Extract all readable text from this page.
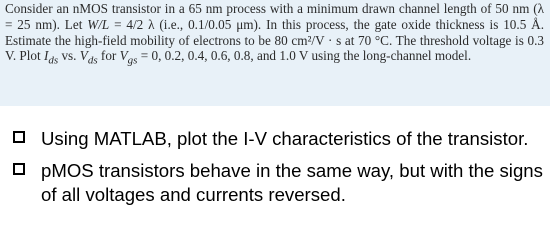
Consider an nMOS transistor in a 65 nm process with a minimum drawn channel length of 50 nm (λ = 25 nm). Let W/L = 4/2 λ (i.e., 0.1/0.05 μm). In this process, the gate oxide thickness is 10.5 Å. Estimate the high-field mobility of electrons to be 80 cm²/V · s at 70 °C. The threshold voltage is 0.3 V. Plot $I_{ds}$ vs. $V_{ds}$ for $V_{gs} = 0$, 0.2, 0.4, 0.6, 0.8, and 1.0 V using the long-channel model.
Using MATLAB, plot the I-V characteristics of the transistor.
pMOS transistors behave in the same way, but with the signs of all voltages and currents reversed.
